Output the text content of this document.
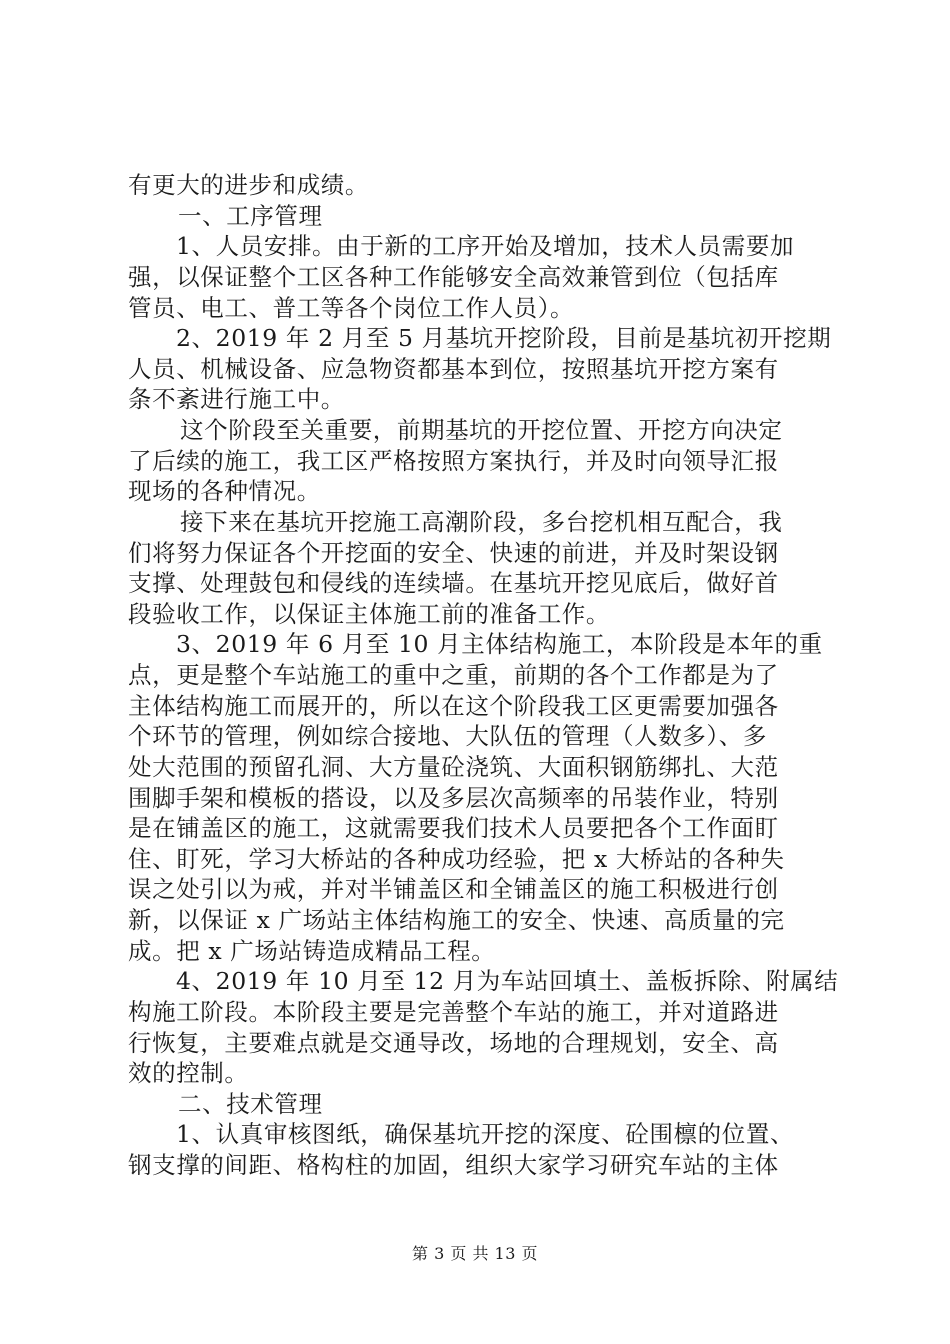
有更大的进步和成绩。
一、工序管理
1、人员安排。由于新的工序开始及增加，技术人员需要加
强，以保证整个工区各种工作能够安全高效兼管到位（包括库
管员、电工、普工等各个岗位工作人员）。
2、2019 年 2 月至 5 月基坑开挖阶段，目前是基坑初开挖期
人员、机械设备、应急物资都基本到位，按照基坑开挖方案有
条不紊进行施工中。
这个阶段至关重要，前期基坑的开挖位置、开挖方向决定
了后续的施工，我工区严格按照方案执行，并及时向领导汇报
现场的各种情况。
接下来在基坑开挖施工高潮阶段，多台挖机相互配合，我
们将努力保证各个开挖面的安全、快速的前进，并及时架设钢
支撑、处理鼓包和侵线的连续墙。在基坑开挖见底后，做好首
段验收工作，以保证主体施工前的准备工作。
3、2019 年 6 月至 10 月主体结构施工，本阶段是本年的重
点，更是整个车站施工的重中之重，前期的各个工作都是为了
主体结构施工而展开的，所以在这个阶段我工区更需要加强各
个环节的管理，例如综合接地、大队伍的管理（人数多）、多
处大范围的预留孔洞、大方量砼浇筑、大面积钢筋绑扎、大范
围脚手架和模板的搭设，以及多层次高频率的吊装作业，特别
是在铺盖区的施工，这就需要我们技术人员要把各个工作面盯
住、盯死，学习大桥站的各种成功经验，把 x 大桥站的各种失
误之处引以为戒，并对半铺盖区和全铺盖区的施工积极进行创
新，以保证 x 广场站主体结构施工的安全、快速、高质量的完
成。把 x 广场站铸造成精品工程。
4、2019 年 10 月至 12 月为车站回填土、盖板拆除、附属结
构施工阶段。本阶段主要是完善整个车站的施工，并对道路进
行恢复，主要难点就是交通导改，场地的合理规划，安全、高
效的控制。
二、技术管理
1、认真审核图纸，确保基坑开挖的深度、砼围檩的位置、
钢支撑的间距、格构柱的加固，组织大家学习研究车站的主体
第 3 页 共 13 页
